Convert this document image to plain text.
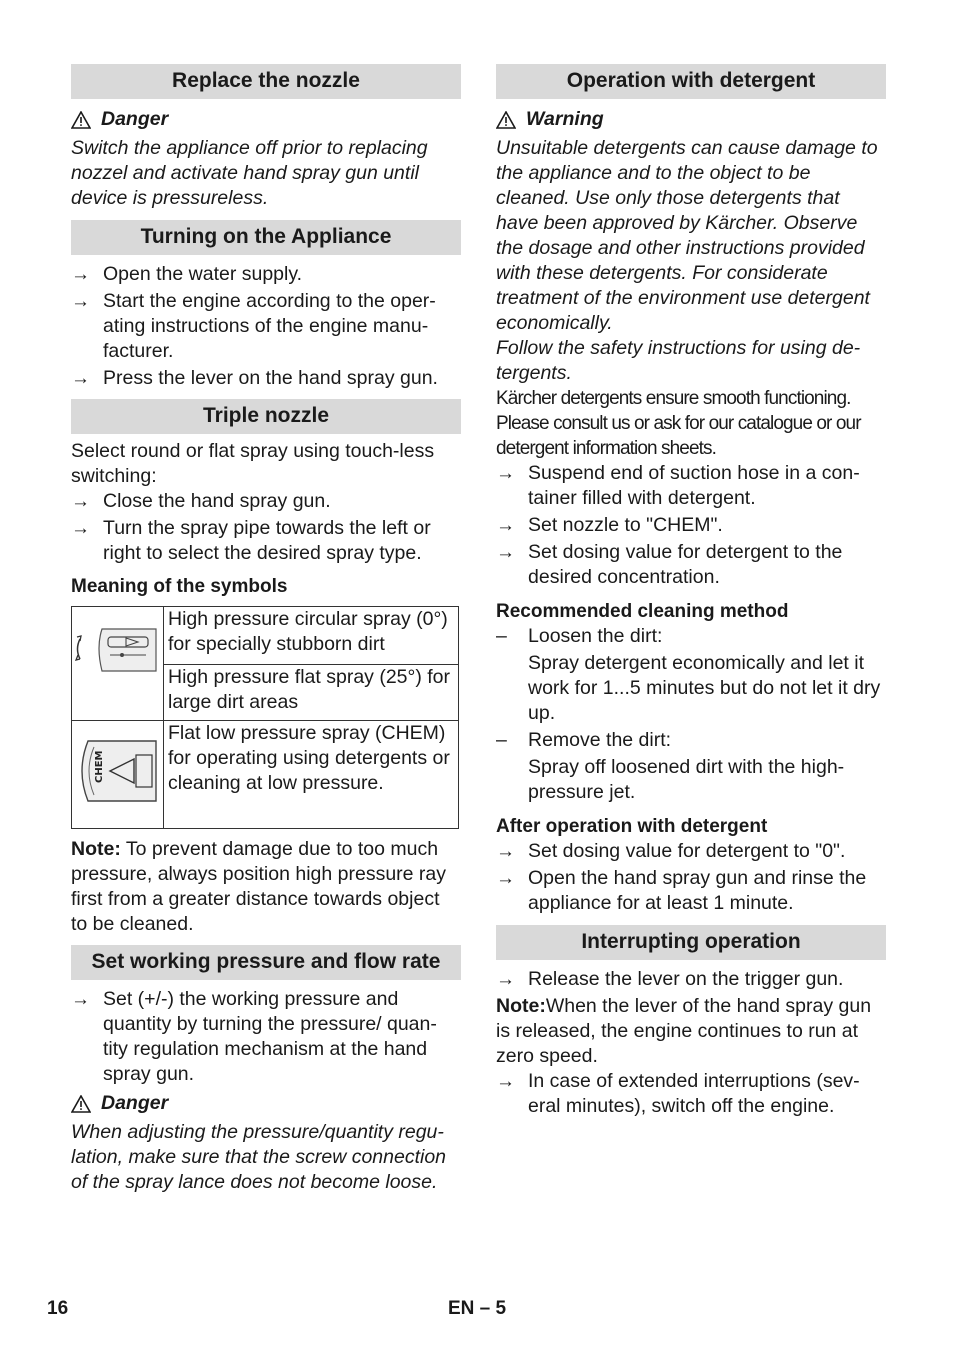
Replace the nozzle
Danger
Switch the appliance off prior to replacing nozzel and activate hand spray gun until device is pressureless.
Turning on the Appliance
→ Open the water supply.
→ Start the engine according to the oper-ating instructions of the engine manu-facturer.
→ Press the lever on the hand spray gun.
Triple nozzle
Select round or flat spray using touch-less switching:
→ Close the hand spray gun.
→ Turn the spray pipe towards the left or right to select the desired spray type.
Meaning of the symbols
	High pressure circular spray (0°) for specially stubborn dirt
	High pressure flat spray (25°) for large dirt areas

CHEM	Flat low pressure spray (CHEM) for operating using detergents or cleaning at low pressure.
Note: To prevent damage due to too much pressure, always position high pressure ray first from a greater distance towards object to be cleaned.
Set working pressure and flow rate
→ Set (+/-) the working pressure and quantity by turning the pressure/ quan-tity regulation mechanism at the hand spray gun.
Danger
When adjusting the pressure/quantity regu-lation, make sure that the screw connection of the spray lance does not become loose.
Operation with detergent
Warning
Unsuitable detergents can cause damage to the appliance and to the object to be cleaned. Use only those detergents that have been approved by Kärcher. Observe the dosage and other instructions provided with these detergents. For considerate treatment of the environment use detergent economically.
Follow the safety instructions for using de-tergents.
Kärcher detergents ensure smooth functioning. Please consult us or ask for our catalogue or our detergent information sheets.
→ Suspend end of suction hose in a con-tainer filled with detergent.
→ Set nozzle to "CHEM".
→ Set dosing value for detergent to the desired concentration.
Recommended cleaning method
–	Loosen the dirt:
Spray detergent economically and let it work for 1...5 minutes but do not let it dry up.
–	Remove the dirt:
Spray off loosened dirt with the high-pressure jet.
After operation with detergent
→ Set dosing value for detergent to "0".
→ Open the hand spray gun and rinse the appliance for at least 1 minute.
Interrupting operation
→ Release the lever on the trigger gun.
Note:When the lever of the hand spray gun is released, the engine continues to run at zero speed.
→ In case of extended interruptions (sev-eral minutes), switch off the engine.
16	EN – 5
